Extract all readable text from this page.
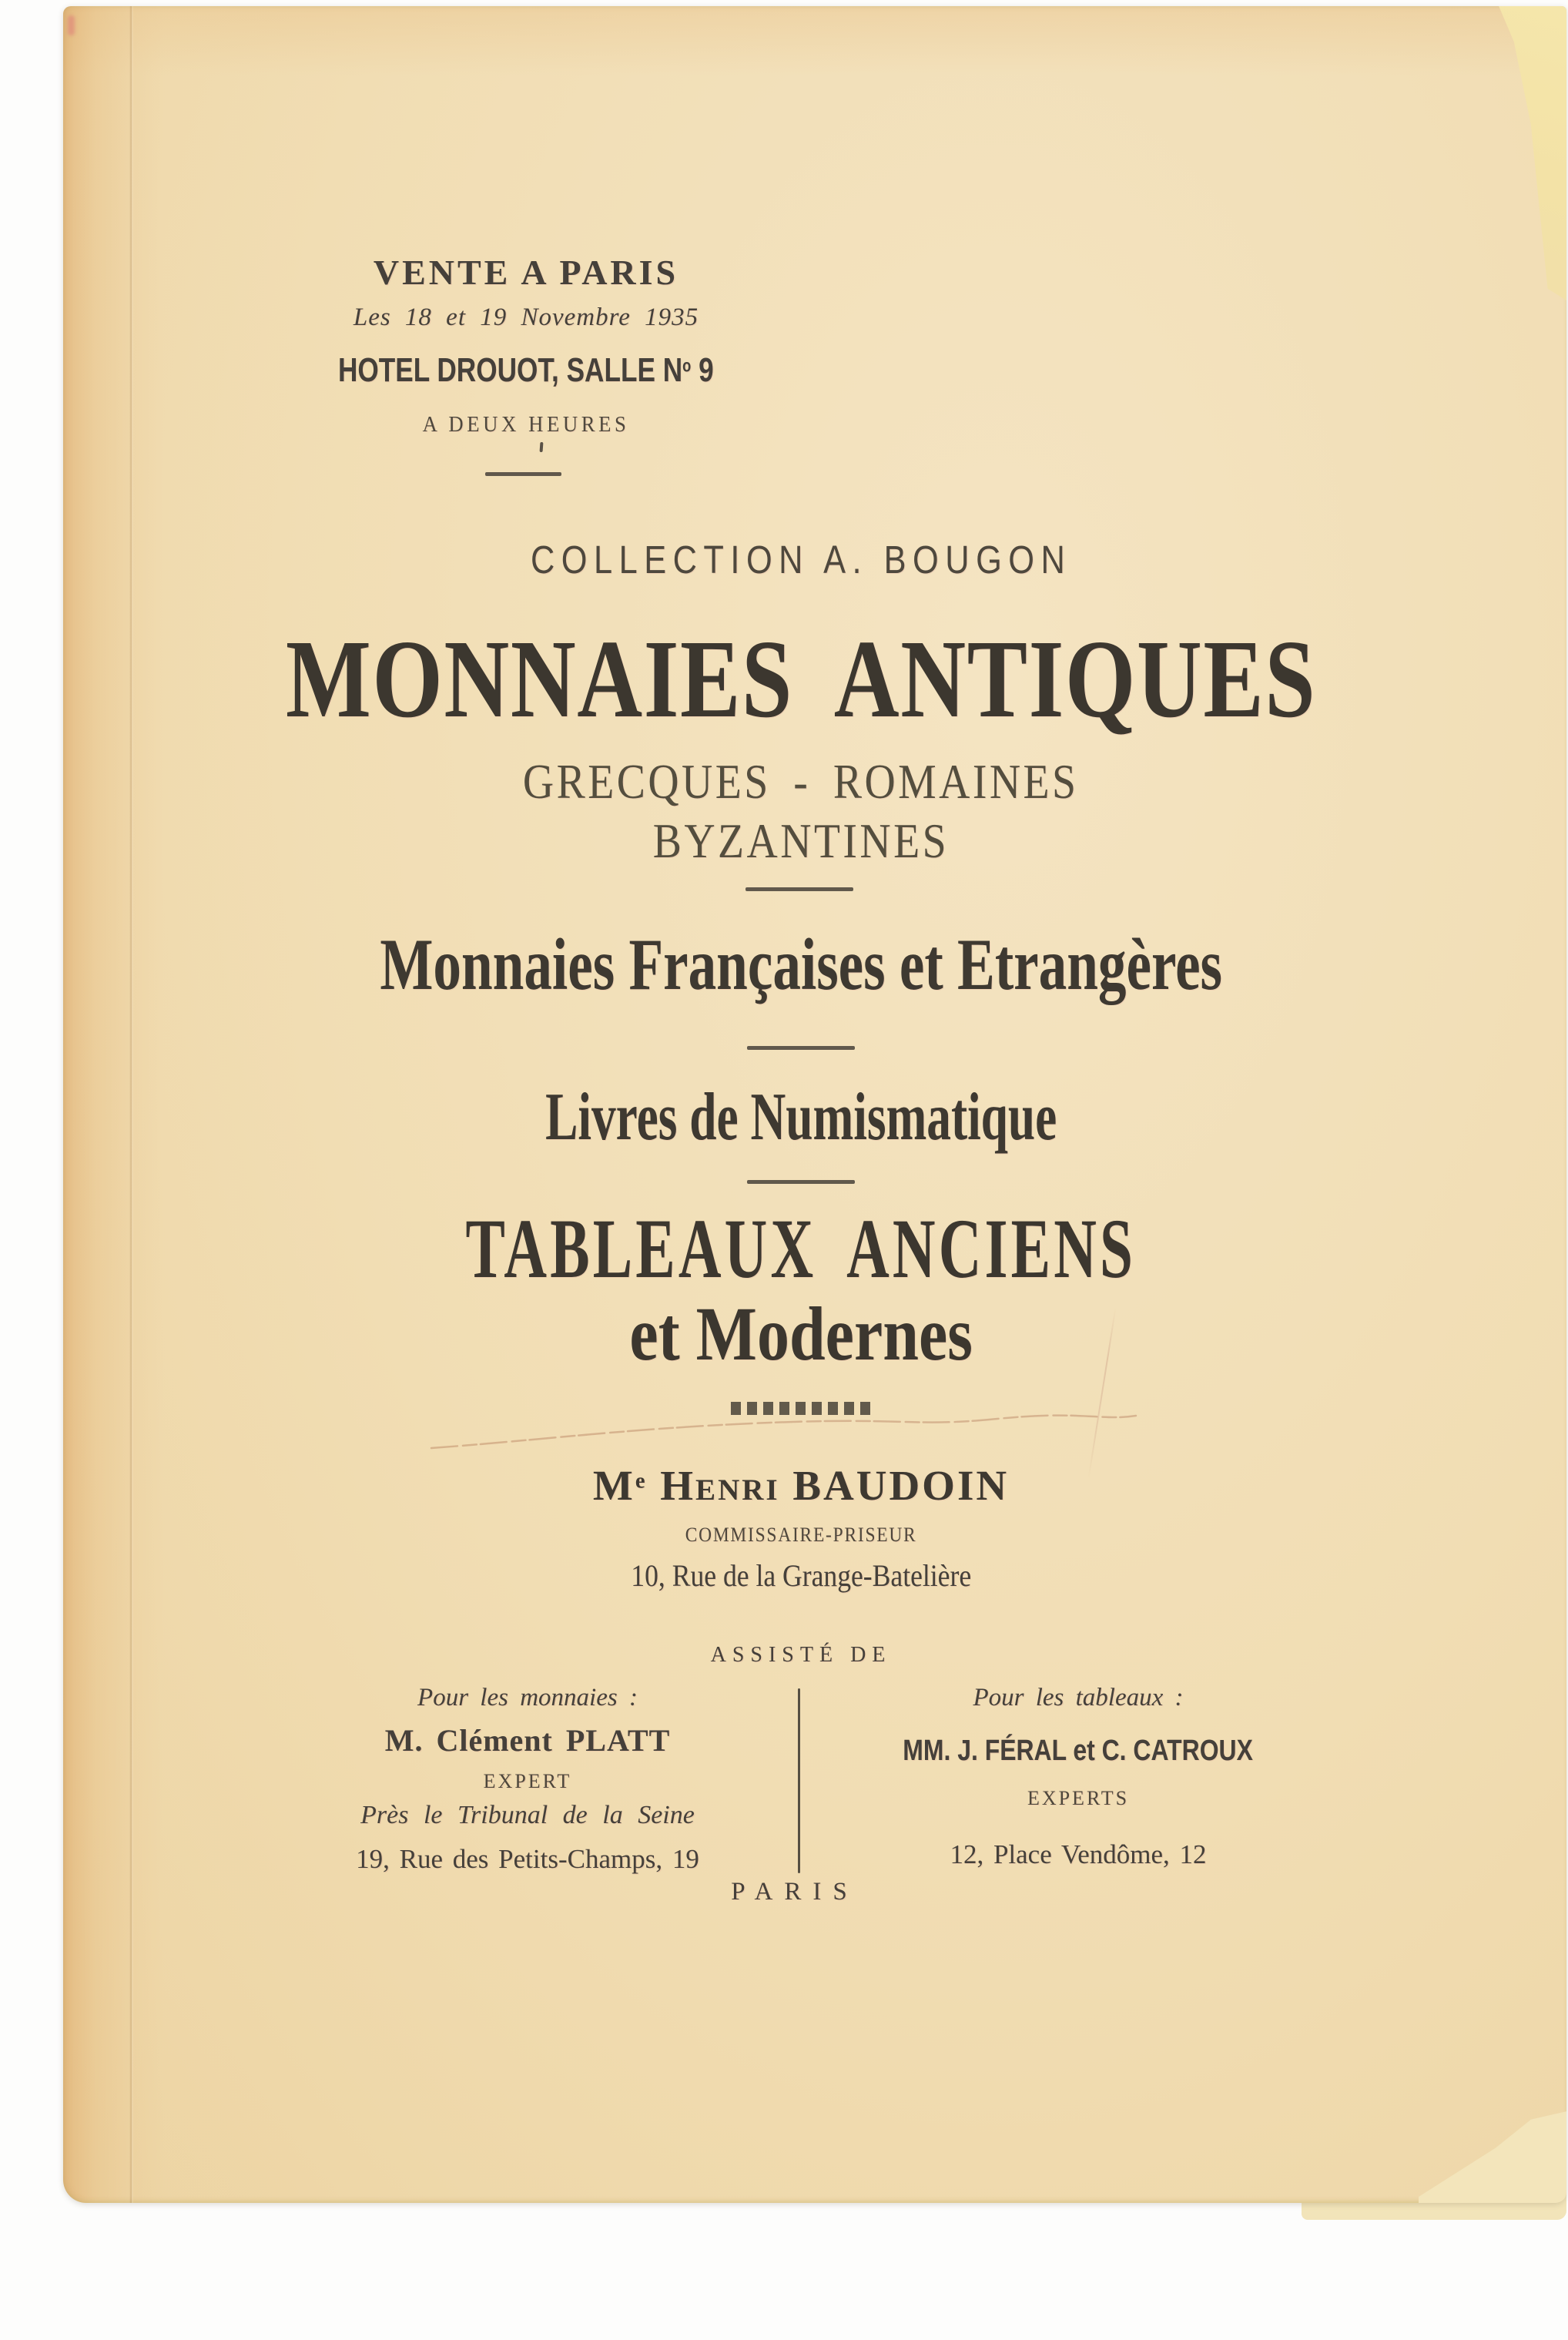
VENTE A PARIS
Les 18 et 19 Novembre 1935
HOTEL DROUOT, SALLE $N^o$ 9
A DEUX HEURES
COLLECTION A. BOUGON
MONNAIES ANTIQUES
GRECQUES - ROMAINES
BYZANTINES
Monnaies Françaises et Etrangères
Livres de Numismatique
TABLEAUX ANCIENS
et Modernes
Me Henri BAUDOIN
COMMISSAIRE-PRISEUR
10, Rue de la Grange-Batelière
ASSISTÉ DE
Pour les monnaies :
M. Clément PLATT
EXPERT
Près le Tribunal de la Seine
19, Rue des Petits-Champs, 19
Pour les tableaux :
MM. J. FÉRAL et C. CATROUX
EXPERTS
12, Place Vendôme, 12
PARIS
